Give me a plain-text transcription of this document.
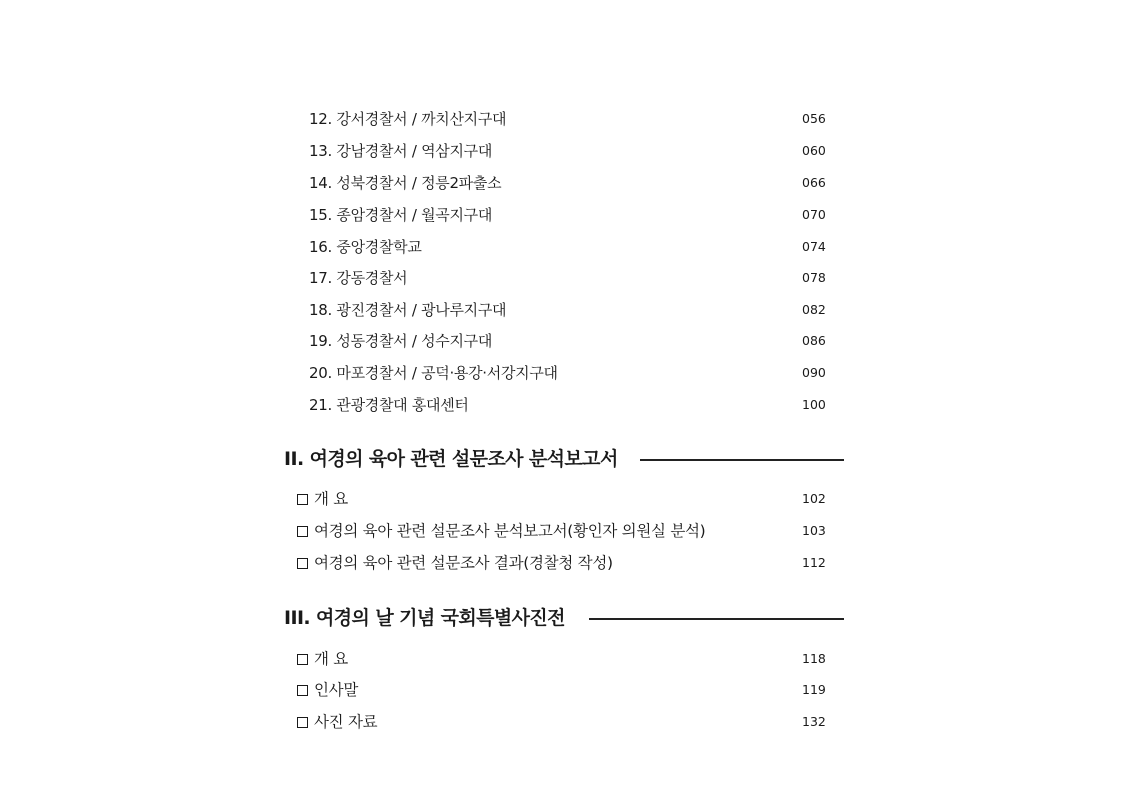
12. 강서경찰서 / 까치산지구대	056
13. 강남경찰서 / 역삼지구대	060
14. 성북경찰서 / 정릉2파출소	066
15. 종암경찰서 / 월곡지구대	070
16. 중앙경찰학교	074
17. 강동경찰서	078
18. 광진경찰서 / 광나루지구대	082
19. 성동경찰서 / 성수지구대	086
20. 마포경찰서 / 공덕·용강·서강지구대	090
21. 관광경찰대 홍대센터	100
II. 여경의 육아 관련 설문조사 분석보고서
개 요	102
여경의 육아 관련 설문조사 분석보고서(황인자 의원실 분석)	103
여경의 육아 관련 설문조사 결과(경찰청 작성)	112
III. 여경의 날 기념 국회특별사진전
개 요	118
인사말	119
사진 자료	132
